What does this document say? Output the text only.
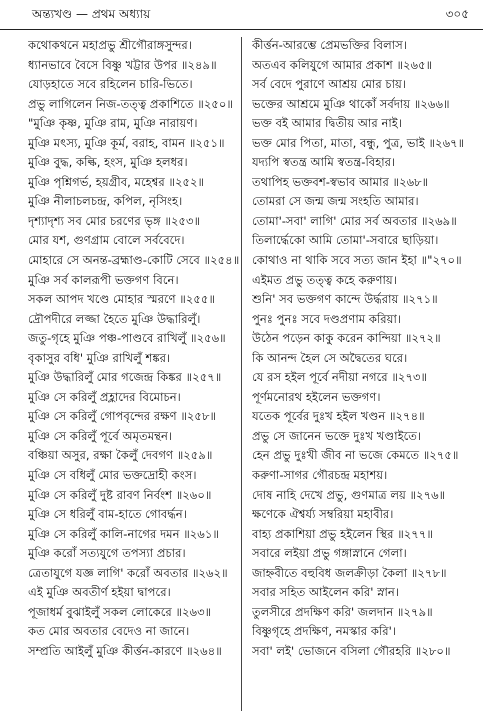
অন্ত্যখণ্ড — প্রথম অধ্যায়	৩০৫
কথোকথনে মহাপ্রভু শ্রীগৌরাঙ্গসুন্দর।
ধ্যানভাবে বৈসে বিষ্ণু খট্টার উপর ॥২৪৯॥
যোড়হাতে সবে রহিলেন চারি-ভিতে।
প্রভু লাগিলেন নিজ-তত্ত্ব প্রকাশিতে ॥২৫০॥
"মুঞি কৃষ্ণ, মুঞি রাম, মুঞি নারায়ণ।
মুঞি মৎস্য, মুঞি কূর্ম, বরাহ, বামন ॥২৫১॥
মুঞি বুদ্ধ, কল্কি, হংস, মুঞি হলধর।
মুঞি পৃশ্নিগর্ভ, হয়গ্রীব, মহেশ্বর ॥২৫২॥
মুঞি নীলাচলচন্দ্র, কপিল, নৃসিংহ।
দৃশ্যাদৃশ্য সব মোর চরণের ভৃঙ্গ ॥২৫৩॥
মোর যশ, গুণগ্রাম বোলে সর্ববেদে।
মোহারে সে অনন্ত-ব্রহ্মাণ্ড-কোটি সেবে ॥২৫৪॥
মুঞি সর্ব কালরূপী ভক্তগণ বিনে।
সকল আপদ খণ্ডে মোহার স্মরণে ॥২৫৫॥
দ্রৌপদীরে লজ্জা হৈতে মুঞি উদ্ধারিলুঁ।
জতু-গৃহে মুঞি পঞ্চ-পাণ্ডবে রাখিলুঁ ॥২৫৬॥
বৃকাসুর বধি' মুঞি রাখিলুঁ শঙ্কর।
মুঞি উদ্ধারিলুঁ মোর গজেন্দ্র কিঙ্কর ॥২৫৭॥
মুঞি সে করিলুঁ প্রহ্লাদের বিমোচন।
মুঞি সে করিলুঁ গোপবৃন্দের রক্ষণ ॥২৫৮॥
মুঞি সে করিলুঁ পূর্বে অমৃতমন্থন।
বঞ্চিয়া অসুর, রক্ষা কৈলুঁ দেবগণ ॥২৫৯॥
মুঞি সে বধিলুঁ মোর ভক্তদ্রোহী কংস।
মুঞি সে করিলুঁ দুষ্ট রাবণ নির্বংশ ॥২৬০॥
মুঞি সে ধরিলুঁ বাম-হাতে গোবর্দ্ধন।
মুঞি সে করিলুঁ কালি-নাগের দমন ॥২৬১॥
মুঞি করোঁ সত্যযুগে তপস্যা প্রচার।
ত্রেতাযুগে যজ্ঞ লাগি' করোঁ অবতার ॥২৬২॥
এই মুঞি অবতীর্ণ হইয়া দ্বাপরে।
পূজাধর্ম বুঝাইলুঁ সকল লোকেরে ॥২৬৩॥
কত মোর অবতার বেদেও না জানে।
সম্প্রতি আইলুঁ মুঞি কীর্ত্তন-কারণে ॥২৬৪॥
কীর্ত্তন-আরম্ভে প্রেমভক্তির বিলাস।
অতএব কলিযুগে আমার প্রকাশ ॥২৬৫॥
সর্ব বেদে পুরাণে আশ্রয় মোর চায়।
ভক্তের আশ্রমে মুঞি থাকোঁ সর্বদায় ॥২৬৬॥
ভক্ত বই আমার দ্বিতীয় আর নাই।
ভক্ত মোর পিতা, মাতা, বন্ধু, পুত্র, ভাই ॥২৬৭॥
যদ্যপি স্বতন্ত্র আমি স্বতন্ত্র-বিহার।
তথাপিহ ভক্তবশ-স্বভাব আমার ॥২৬৮॥
তোমরা সে জন্ম জন্ম সংহতি আমার।
তোমা'-সবা' লাগি' মোর সর্ব অবতার ॥২৬৯॥
তিলার্দ্ধেকো আমি তোমা'-সবারে ছাড়িয়া।
কোথাও না থাকি সবে সত্য জান ইহা ॥"২৭০॥
এইমত প্রভু তত্ত্ব কহে করুণায়।
শুনি' সব ভক্তগণ কান্দে উর্দ্ধরায় ॥২৭১॥
পুনঃ পুনঃ সবে দণ্ডপ্রণাম করিয়া।
উঠেন পড়েন কাকু করেন কান্দিয়া ॥২৭২॥
কি আনন্দ হৈল সে অদ্বৈতের ঘরে।
যে রস হইল পূর্বে নদীয়া নগরে ॥২৭৩॥
পূর্ণমনোরথ হইলেন ভক্তগণ।
যতেক পূর্বের দুঃখ হইল খণ্ডন ॥২৭৪॥
প্রভু সে জানেন ভক্তে দুঃখ খণ্ডাইতে।
হেন প্রভু দুঃখী জীব না ভজে কেমতে ॥২৭৫॥
করুণা-সাগর গৌরচন্দ্র মহাশয়।
দোষ নাহি দেখে প্রভু, গুণমাত্র লয় ॥২৭৬॥
ক্ষণেকে ঐশ্বর্য্য সম্বরিয়া মহাবীর।
বাহ্য প্রকাশিয়া প্রভু হইলেন স্থির ॥২৭৭॥
সবারে লইয়া প্রভু গঙ্গাস্নানে গেলা।
জাহ্নবীতে বহুবিধ জলক্রীড়া কৈলা ॥২৭৮॥
সবার সহিত আইলেন করি' স্নান।
তুলসীরে প্রদক্ষিণ করি' জলদান ॥২৭৯॥
বিষ্ণুগৃহে প্রদক্ষিণ, নমস্কার করি'।
সবা' লই' ভোজনে বসিলা গৌরহরি ॥২৮০॥
